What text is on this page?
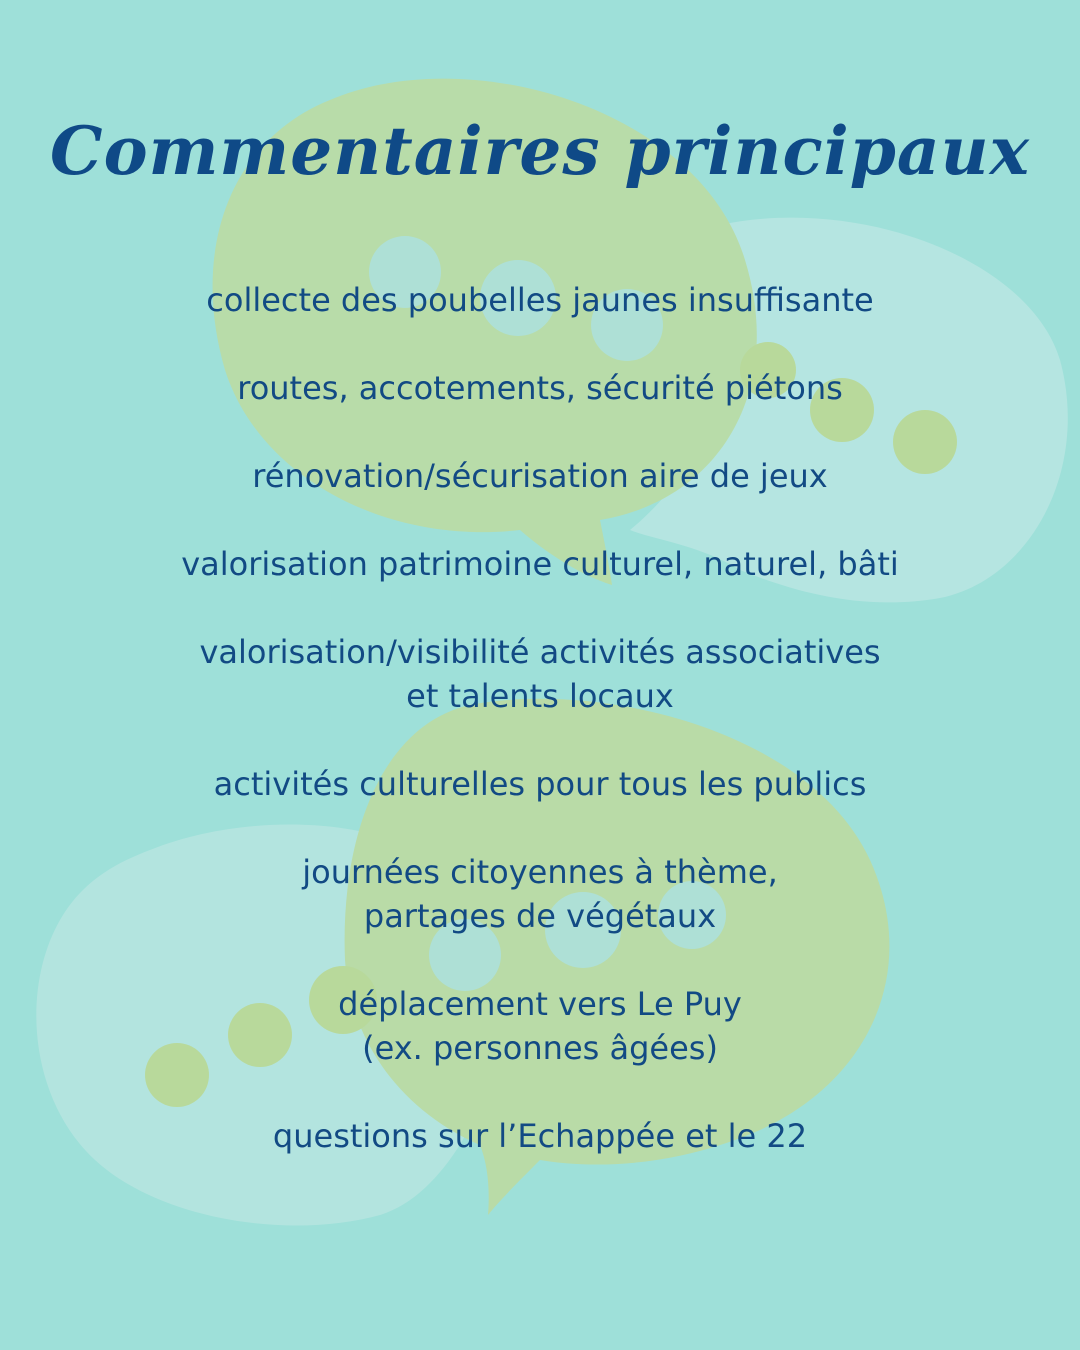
Commentaires principaux

collecte des poubelles jaunes insuffisante

routes, accotements, sécurité piétons

rénovation/sécurisation aire de jeux

valorisation patrimoine culturel, naturel, bâti

valorisation/visibilité activités associatives
et talents locaux

activités culturelles pour tous les publics

journées citoyennes à thème,
partages de végétaux

déplacement vers Le Puy
(ex. personnes âgées)

questions sur l’Echappée et le 22
